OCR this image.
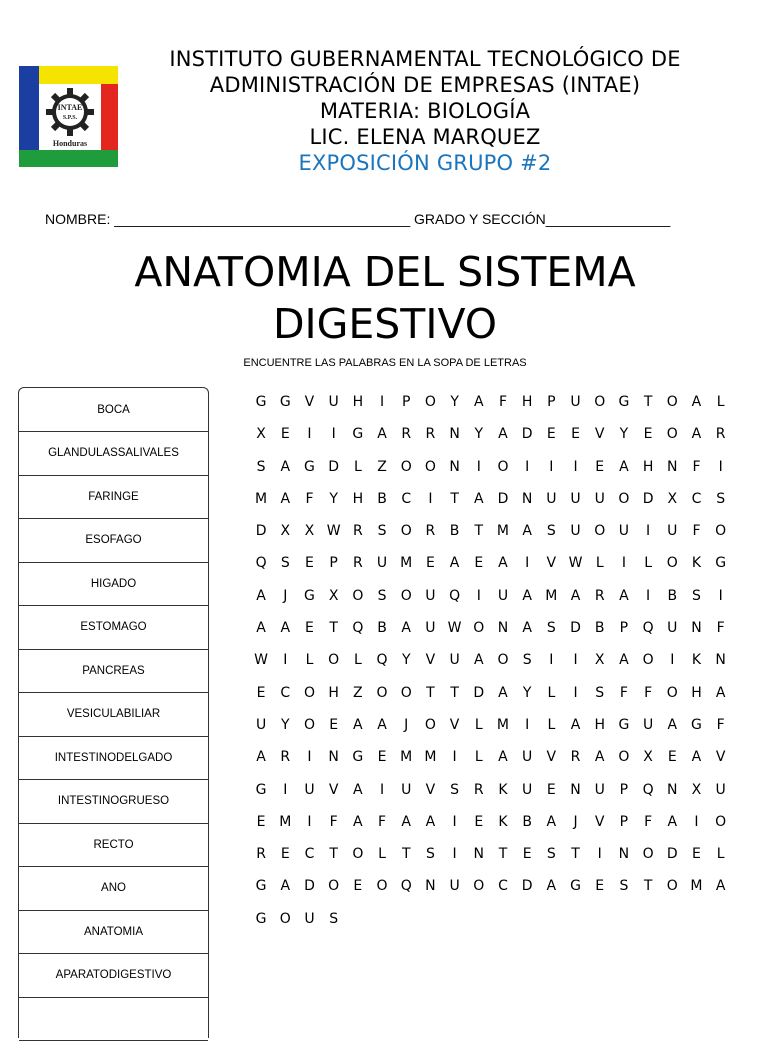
INTAE
S.P.S.
Honduras
INSTITUTO GUBERNAMENTAL TECNOLÓGICO DE
ADMINISTRACIÓN DE EMPRESAS (INTAE)
MATERIA: BIOLOGÍA
LIC. ELENA MARQUEZ
EXPOSICIÓN GRUPO #2
NOMBRE: ______________________________________ GRADO Y SECCIÓN________________
ANATOMIA DEL SISTEMA
DIGESTIVO
ENCUENTRE LAS PALABRAS EN LA SOPA DE LETRAS
BOCA
GLANDULASSALIVALES
FARINGE
ESOFAGO
HIGADO
ESTOMAGO
PANCREAS
VESICULABILIAR
INTESTINODELGADO
INTESTINOGRUESO
RECTO
ANO
ANATOMIA
APARATODIGESTIVO
G G V	U H	I	P	O	Y	A	F	H	P	U O G	T	O A	L
X	E	I	I	G A	R	R	N	Y	A	D	E	E	V	Y	E	O A	R
S	A G D	L	Z O O N	I	O	I	I	I	E	A	H N	F	I
M A	F	Y	H	B	C	I	T	A	D N U U U O D	X	C	S
D	X	X W R	S	O R	B	T M A	S	U O U	I	U	F	O
Q	S	E	P	R	U M E	A	E	A	I	V W L	I	L	O	K	G
A	J	G X O	S	O U Q	I	U	A M A	R	A	I	B	S	I
A	A	E	T	Q B	A	U W O N	A	S	D B	P	Q U N	F
W	I	L	O	L	Q	Y	V	U	A O	S	I	I	X	A O	I	K	N
E	C O H	Z O O	T	T	D	A	Y	L	I	S	F	F	O H	A
U	Y	O	E	A	A	J	O V	L	M	I	L	A	H G U	A G	F
A	R	I	N G	E M M	I	L	A	U	V	R	A O X	E	A	V
G	I	U	V	A	I	U	V	S	R	K	U	E	N U	P	Q N	X	U
E M	I	F	A	F	A	A	I	E	K	B	A	J	V	P	F	A	I	O
R	E	C	T	O	L	T	S	I	N	T	E	S	T	I	N O D	E	L
G A	D O	E	O Q N U O C D	A G	E	S	T	O M A
G O U	S
